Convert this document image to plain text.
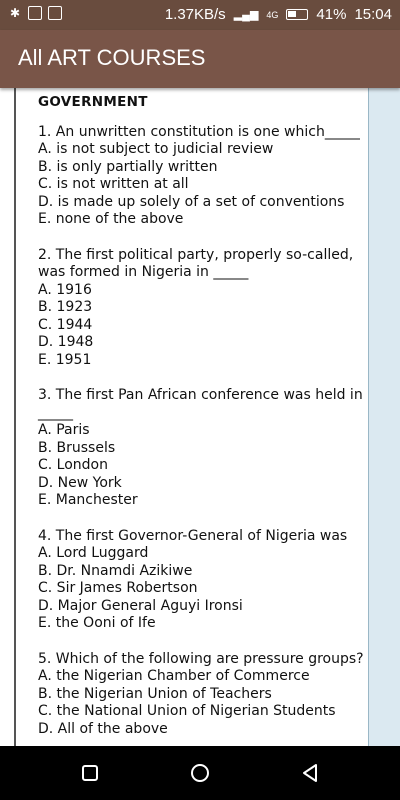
✱	1.37KB/s ▂▄▆ 4G	41% 15:04
All ART COURSES
GOVERNMENT
1. An unwritten constitution is one which_____
A. is not subject to judicial review
B. is only partially written
C. is not written at all
D. is made up solely of a set of conventions
E. none of the above
2. The first political party, properly so-called, was formed in Nigeria in _____
A. 1916
B. 1923
C. 1944
D. 1948
E. 1951
3. The first Pan African conference was held in _____
A. Paris
B. Brussels
C. London
D. New York
E. Manchester
4. The first Governor-General of Nigeria was
A. Lord Luggard
B. Dr. Nnamdi Azikiwe
C. Sir James Robertson
D. Major General Aguyi Ironsi
E. the Ooni of Ife
5. Which of the following are pressure groups?
A. the Nigerian Chamber of Commerce
B. the Nigerian Union of Teachers
C. the National Union of Nigerian Students
D. All of the above
